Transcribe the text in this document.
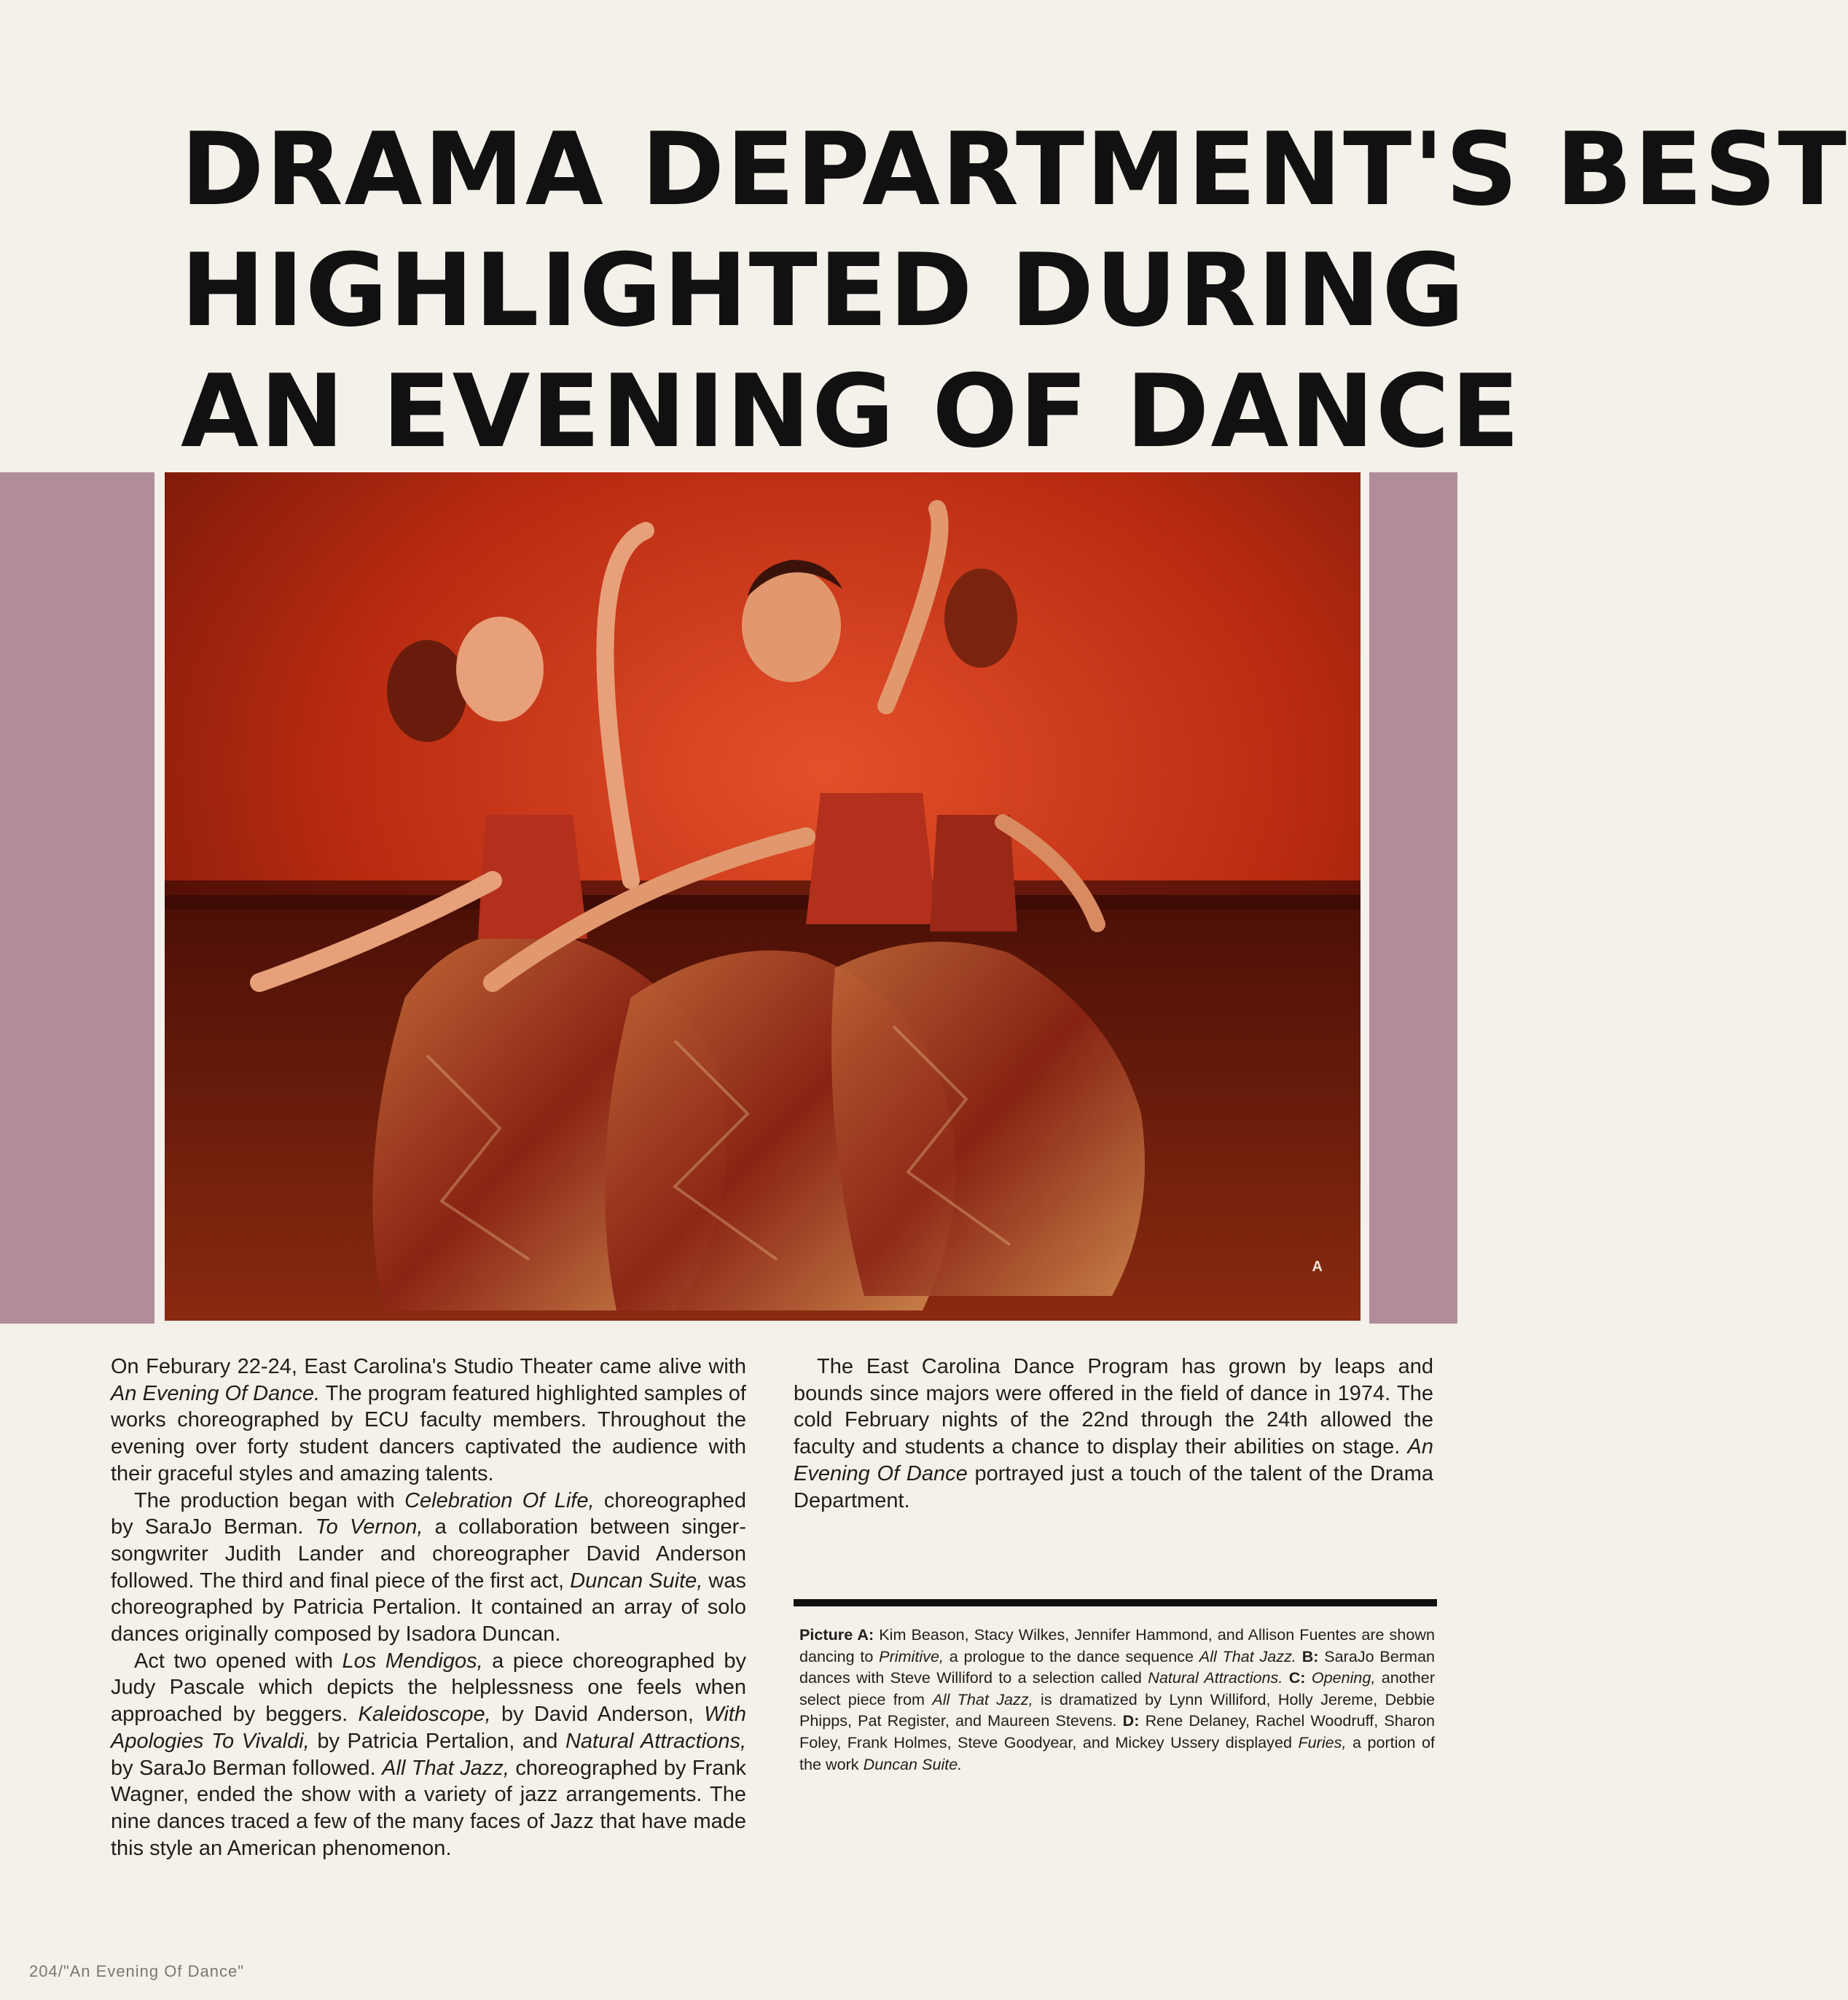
DRAMA DEPARTMENT'S BEST
HIGHLIGHTED DURING
AN EVENING OF DANCE
A

On Feburary 22-24, East Carolina's Studio Theater came alive with An Evening Of Dance. The program featured highlighted samples of works choreographed by ECU faculty members. Throughout the evening over forty student dancers captivated the audience with their graceful styles and amazing talents.

The production began with Celebration Of Life, choreographed by SaraJo Berman. To Vernon, a collaboration between singer-songwriter Judith Lander and choreographer David Anderson followed. The third and final piece of the first act, Duncan Suite, was choreographed by Patricia Pertalion. It contained an array of solo dances originally composed by Isadora Duncan.

Act two opened with Los Mendigos, a piece choreographed by Judy Pascale which depicts the helplessness one feels when approached by beggers. Kaleidoscope, by David Anderson, With Apologies To Vivaldi, by Patricia Pertalion, and Natural Attractions, by SaraJo Berman followed. All That Jazz, choreographed by Frank Wagner, ended the show with a variety of jazz arrangements. The nine dances traced a few of the many faces of Jazz that have made this style an American phenomenon.

The East Carolina Dance Program has grown by leaps and bounds since majors were offered in the field of dance in 1974. The cold February nights of the 22nd through the 24th allowed the faculty and students a chance to display their abilities on stage. An Evening Of Dance portrayed just a touch of the talent of the Drama Department.

Picture A: Kim Beason, Stacy Wilkes, Jennifer Hammond, and Allison Fuentes are shown dancing to Primitive, a prologue to the dance sequence All That Jazz. B: SaraJo Berman dances with Steve Williford to a selection called Natural Attractions. C: Opening, another select piece from All That Jazz, is dramatized by Lynn Williford, Holly Jereme, Debbie Phipps, Pat Register, and Maureen Stevens. D: Rene Delaney, Rachel Woodruff, Sharon Foley, Frank Holmes, Steve Goodyear, and Mickey Ussery displayed Furies, a portion of the work Duncan Suite.
204/"An Evening Of Dance"
